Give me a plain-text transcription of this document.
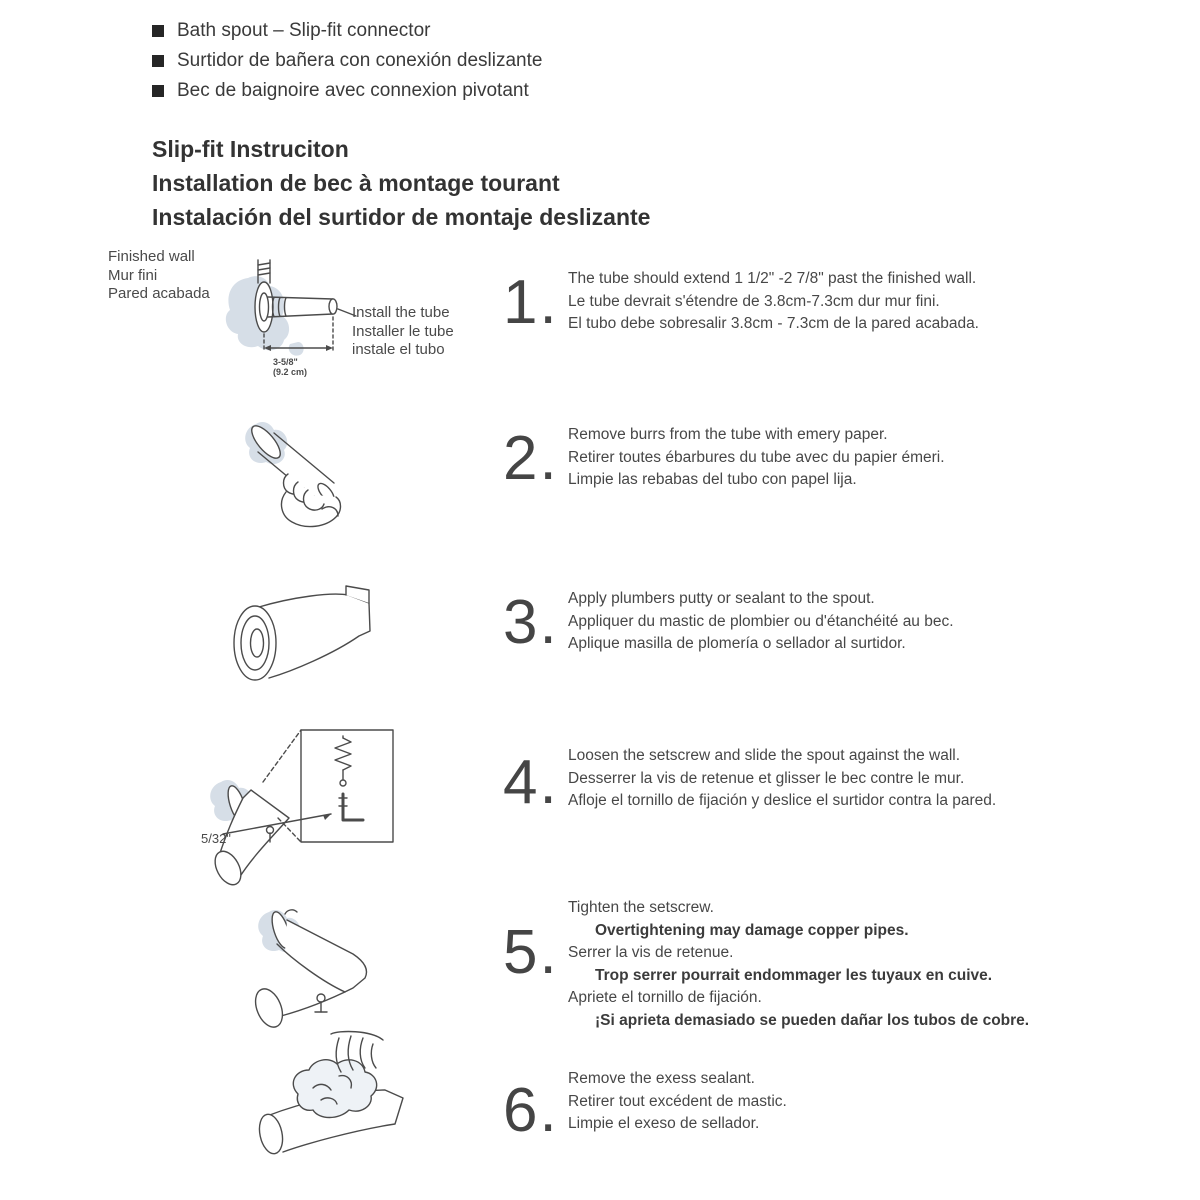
Bath spout – Slip-fit connector
Surtidor de bañera con conexión deslizante
Bec de baignoire avec connexion pivotant
Slip-fit Instruciton
Installation de bec à montage tourant
Instalación del surtidor de montaje deslizante
Finished wall
Mur fini
Pared acabada
Install the tube
Installer le tube
instale el tubo
3-5/8"
(9.2 cm)
5/32"
1. The tube should extend 1 1/2" -2 7/8" past the finished wall.
Le tube devrait s'étendre de 3.8cm-7.3cm dur mur fini.
El tubo debe sobresalir 3.8cm - 7.3cm de la pared acabada.
2. Remove burrs from the tube with emery paper.
Retirer toutes ébarbures du tube avec du papier émeri.
Limpie las rebabas del tubo con papel lija.
3. Apply plumbers putty or sealant to the spout.
Appliquer du mastic de plombier ou d'étanchéité au bec.
Aplique masilla de plomería o sellador al surtidor.
4. Loosen the setscrew and slide the spout against the wall.
Desserrer la vis de retenue et glisser le bec contre le mur.
Afloje el tornillo de fijación y deslice el surtidor contra la pared.
5.
Tighten the setscrew.
Overtightening may damage copper pipes.
Serrer la vis de retenue.
Trop serrer pourrait endommager les tuyaux en cuive.
Apriete el tornillo de fijación.
¡Si aprieta demasiado se pueden dañar los tubos de cobre.
6. Remove the exess sealant.
Retirer tout excédent de mastic.
Limpie el exeso de sellador.
